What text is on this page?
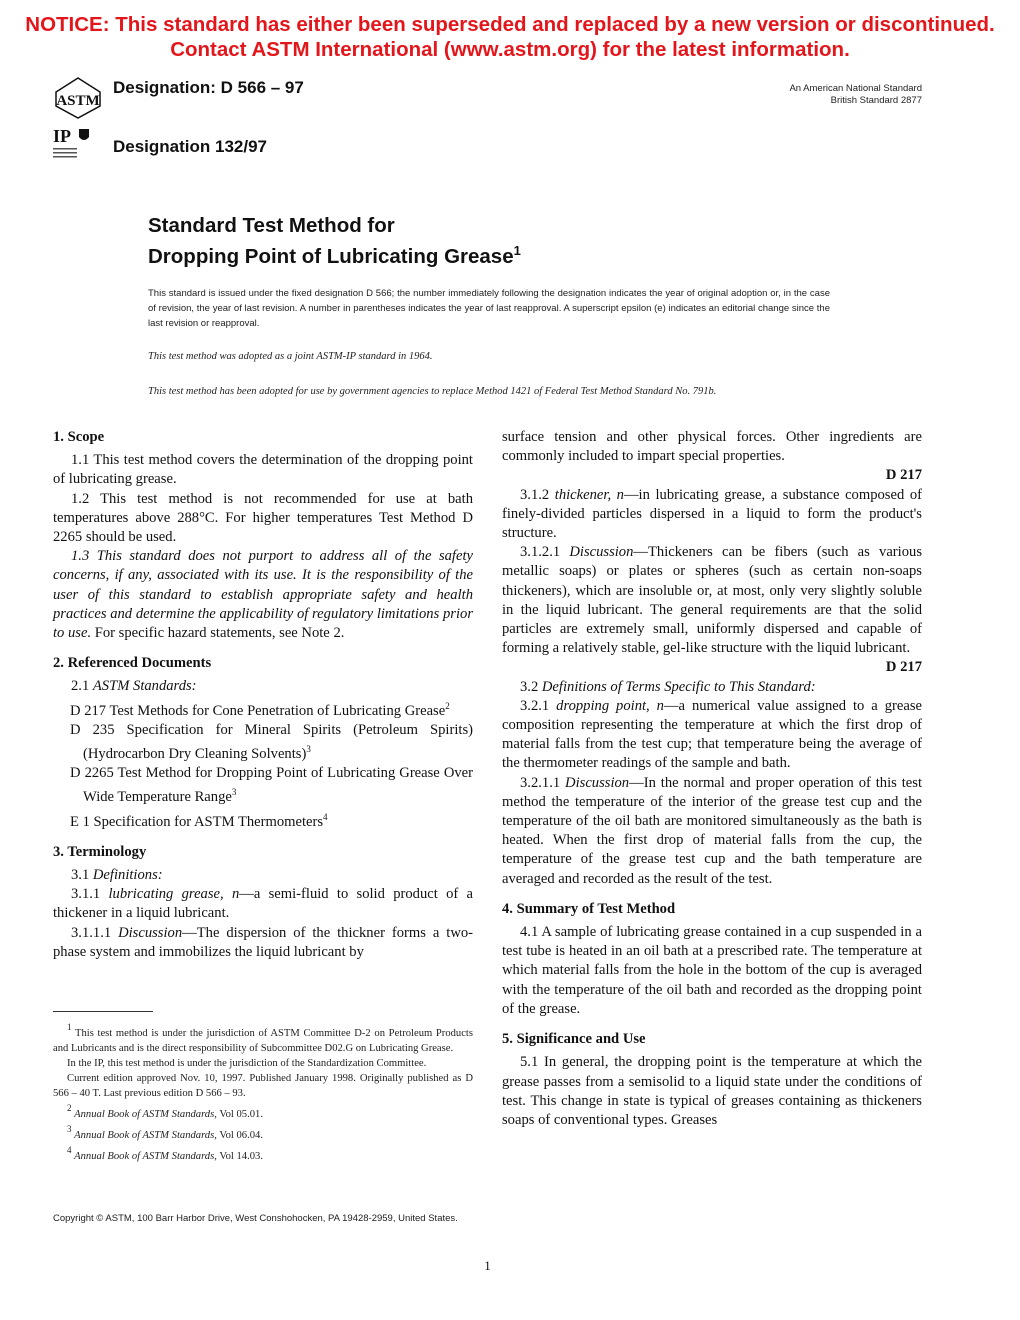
NOTICE: This standard has either been superseded and replaced by a new version or discontinued.
Contact ASTM International (www.astm.org) for the latest information.
ASTM
IP
Designation: D 566 – 97
Designation 132/97
An American National Standard
British Standard 2877
Standard Test Method for
Dropping Point of Lubricating Grease$^1$
This standard is issued under the fixed designation D 566; the number immediately following the designation indicates the year of original adoption or, in the case of revision, the year of last revision. A number in parentheses indicates the year of last reapproval. A superscript epsilon (e) indicates an editorial change since the last revision or reapproval.
This test method was adopted as a joint ASTM-IP standard in 1964.
This test method has been adopted for use by government agencies to replace Method 1421 of Federal Test Method Standard No. 791b.
1. Scope

1.1 This test method covers the determination of the dropping point of lubricating grease.

1.2 This test method is not recommended for use at bath temperatures above 288°C. For higher temperatures Test Method D 2265 should be used.

1.3 This standard does not purport to address all of the safety concerns, if any, associated with its use. It is the responsibility of the user of this standard to establish appropriate safety and health practices and determine the applicability of regulatory limitations prior to use. For specific hazard statements, see Note 2.

2. Referenced Documents

2.1 ASTM Standards:

D 217 Test Methods for Cone Penetration of Lubricating Grease$^2$

D 235 Specification for Mineral Spirits (Petroleum Spirits) (Hydrocarbon Dry Cleaning Solvents)$^3$

D 2265 Test Method for Dropping Point of Lubricating Grease Over Wide Temperature Range$^3$

E 1 Specification for ASTM Thermometers$^4$

3. Terminology

3.1 Definitions:

3.1.1 lubricating grease, n—a semi-fluid to solid product of a thickener in a liquid lubricant.

3.1.1.1 Discussion—The dispersion of the thickner forms a two-phase system and immobilizes the liquid lubricant by

surface tension and other physical forces. Other ingredients are commonly included to impart special properties.

D 217

3.1.2 thickener, n—in lubricating grease, a substance composed of finely-divided particles dispersed in a liquid to form the product's structure.

3.1.2.1 Discussion—Thickeners can be fibers (such as various metallic soaps) or plates or spheres (such as certain non-soaps thickeners), which are insoluble or, at most, only very slightly soluble in the liquid lubricant. The general requirements are that the solid particles are extremely small, uniformly dispersed and capable of forming a relatively stable, gel-like structure with the liquid lubricant.

D 217

3.2 Definitions of Terms Specific to This Standard:

3.2.1 dropping point, n—a numerical value assigned to a grease composition representing the temperature at which the first drop of material falls from the test cup; that temperature being the average of the thermometer readings of the sample and bath.

3.2.1.1 Discussion—In the normal and proper operation of this test method the temperature of the interior of the grease test cup and the temperature of the oil bath are monitored simultaneously as the bath is heated. When the first drop of material falls from the cup, the temperature of the grease test cup and the bath temperature are averaged and recorded as the result of the test.

4. Summary of Test Method

4.1 A sample of lubricating grease contained in a cup suspended in a test tube is heated in an oil bath at a prescribed rate. The temperature at which material falls from the hole in the bottom of the cup is averaged with the temperature of the oil bath and recorded as the dropping point of the grease.

5. Significance and Use

5.1 In general, the dropping point is the temperature at which the grease passes from a semisolid to a liquid state under the conditions of test. This change in state is typical of greases containing as thickeners soaps of conventional types. Greases

$^1$ This test method is under the jurisdiction of ASTM Committee D-2 on Petroleum Products and Lubricants and is the direct responsibility of Subcommittee D02.G on Lubricating Grease.

In the IP, this test method is under the jurisdiction of the Standardization Committee.

Current edition approved Nov. 10, 1997. Published January 1998. Originally published as D 566 – 40 T. Last previous edition D 566 – 93.

$^2$ Annual Book of ASTM Standards, Vol 05.01.

$^3$ Annual Book of ASTM Standards, Vol 06.04.

$^4$ Annual Book of ASTM Standards, Vol 14.03.

Copyright © ASTM, 100 Barr Harbor Drive, West Conshohocken, PA 19428-2959, United States.
1
